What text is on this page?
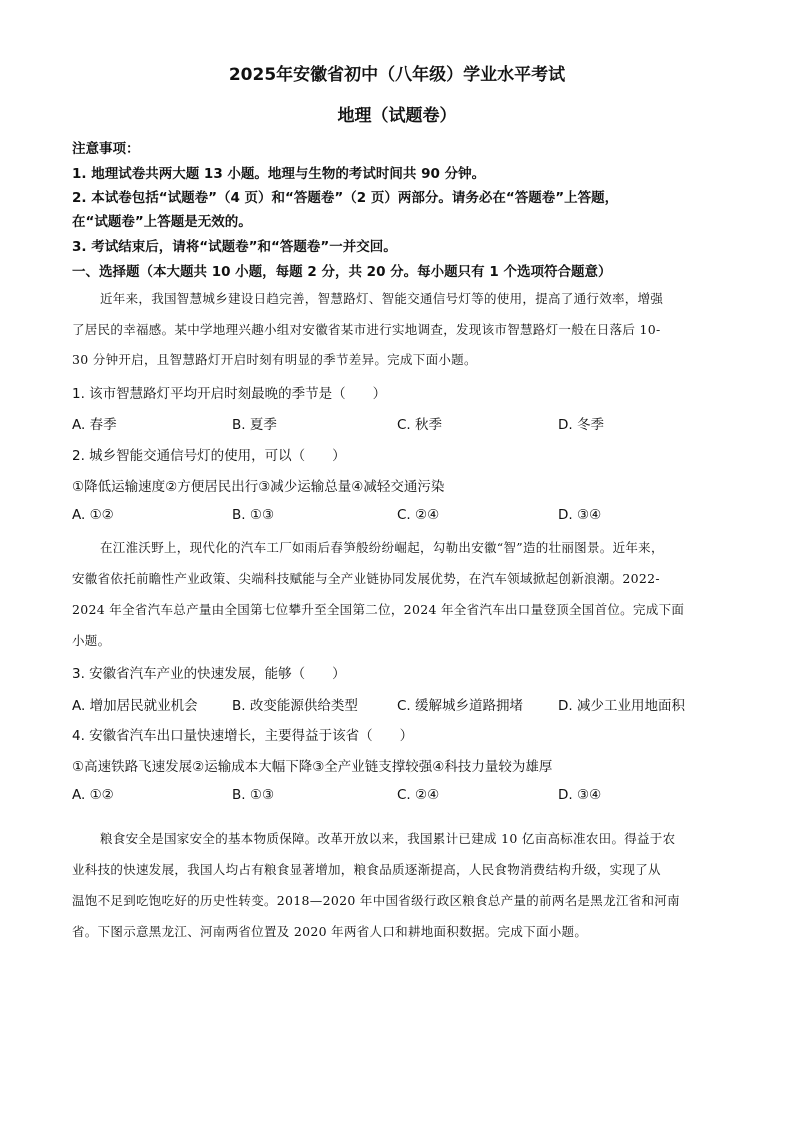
2025年安徽省初中（八年级）学业水平考试
地理（试题卷）
注意事项：
1. 地理试卷共两大题 13 小题。地理与生物的考试时间共 90 分钟。
2. 本试卷包括“试题卷”（4 页）和“答题卷”（2 页）两部分。请务必在“答题卷”上答题，
在“试题卷”上答题是无效的。
3. 考试结束后，请将“试题卷”和“答题卷”一并交回。
一、选择题（本大题共 10 小题，每题 2 分，共 20 分。每小题只有 1 个选项符合题意）
近年来，我国智慧城乡建设日趋完善，智慧路灯、智能交通信号灯等的使用，提高了通行效率，增强
了居民的幸福感。某中学地理兴趣小组对安徽省某市进行实地调查，发现该市智慧路灯一般在日落后 10-
30 分钟开启，且智慧路灯开启时刻有明显的季节差异。完成下面小题。
1. 该市智慧路灯平均开启时刻最晚的季节是（　　）
A. 春季	B. 夏季	C. 秋季	D. 冬季
2. 城乡智能交通信号灯的使用，可以（　　）
①降低运输速度②方便居民出行③减少运输总量④减轻交通污染
A. ①②	B. ①③	C. ②④	D. ③④
在江淮沃野上，现代化的汽车工厂如雨后春笋般纷纷崛起，勾勒出安徽“智”造的壮丽图景。近年来，
安徽省依托前瞻性产业政策、尖端科技赋能与全产业链协同发展优势，在汽车领域掀起创新浪潮。2022-
2024 年全省汽车总产量由全国第七位攀升至全国第二位，2024 年全省汽车出口量登顶全国首位。完成下面
小题。
3. 安徽省汽车产业的快速发展，能够（　　）
A. 增加居民就业机会	B. 改变能源供给类型	C. 缓解城乡道路拥堵	D. 减少工业用地面积
4. 安徽省汽车出口量快速增长，主要得益于该省（　　）
①高速铁路飞速发展②运输成本大幅下降③全产业链支撑较强④科技力量较为雄厚
A. ①②	B. ①③	C. ②④	D. ③④
粮食安全是国家安全的基本物质保障。改革开放以来，我国累计已建成 10 亿亩高标准农田。得益于农
业科技的快速发展，我国人均占有粮食显著增加，粮食品质逐渐提高，人民食物消费结构升级，实现了从
温饱不足到吃饱吃好的历史性转变。2018—2020 年中国省级行政区粮食总产量的前两名是黑龙江省和河南
省。下图示意黑龙江、河南两省位置及 2020 年两省人口和耕地面积数据。完成下面小题。
